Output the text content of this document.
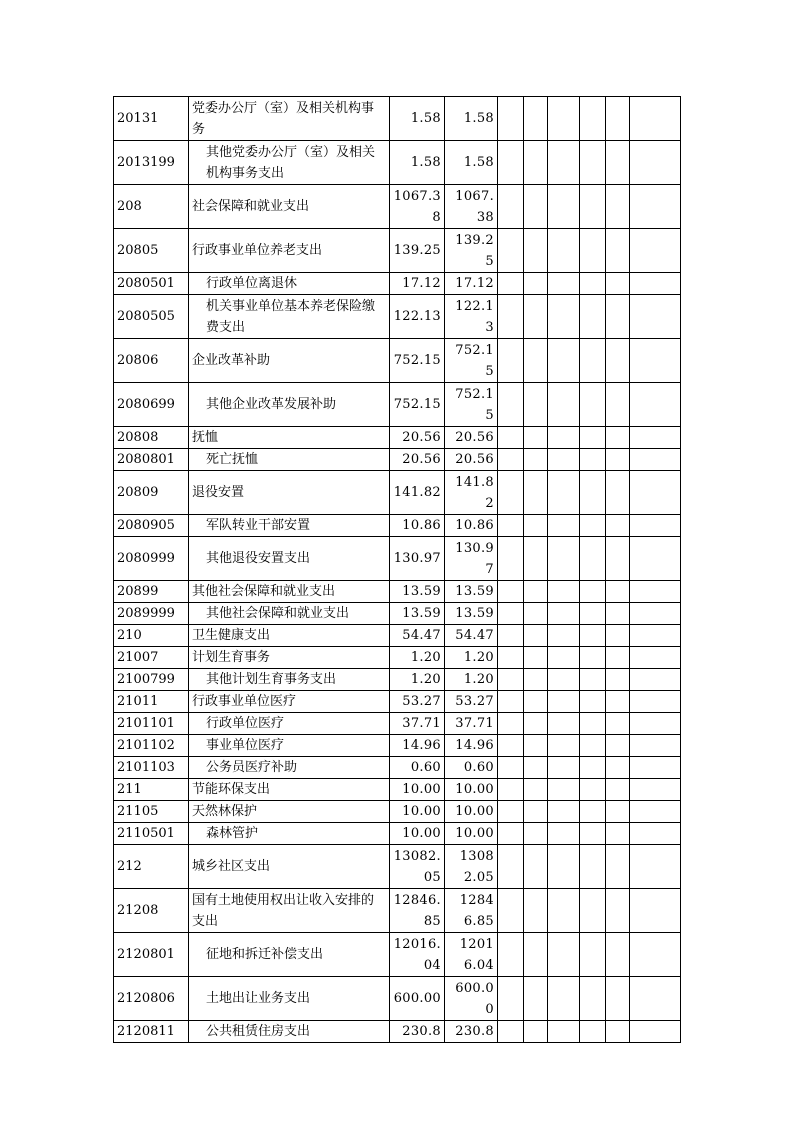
20131	党委办公厅（室）及相关机构事务	1.58	1.58						
2013199	其他党委办公厅（室）及相关机构事务支出	1.58	1.58						
208	社会保障和就业支出	1067.38	1067.38						
20805	行政事业单位养老支出	139.25	139.25						
2080501	行政单位离退休	17.12	17.12						
2080505	机关事业单位基本养老保险缴费支出	122.13	122.13						
20806	企业改革补助	752.15	752.15						
2080699	其他企业改革发展补助	752.15	752.15						
20808	抚恤	20.56	20.56						
2080801	死亡抚恤	20.56	20.56						
20809	退役安置	141.82	141.82						
2080905	军队转业干部安置	10.86	10.86						
2080999	其他退役安置支出	130.97	130.97						
20899	其他社会保障和就业支出	13.59	13.59						
2089999	其他社会保障和就业支出	13.59	13.59						
210	卫生健康支出	54.47	54.47						
21007	计划生育事务	1.20	1.20						
2100799	其他计划生育事务支出	1.20	1.20						
21011	行政事业单位医疗	53.27	53.27						
2101101	行政单位医疗	37.71	37.71						
2101102	事业单位医疗	14.96	14.96						
2101103	公务员医疗补助	0.60	0.60						
211	节能环保支出	10.00	10.00						
21105	天然林保护	10.00	10.00						
2110501	森林管护	10.00	10.00						
212	城乡社区支出	13082.05	13082.05						
21208	国有土地使用权出让收入安排的支出	12846.85	12846.85						
2120801	征地和拆迁补偿支出	12016.04	12016.04						
2120806	土地出让业务支出	600.00	600.00						
2120811	公共租赁住房支出	230.8	230.8						
